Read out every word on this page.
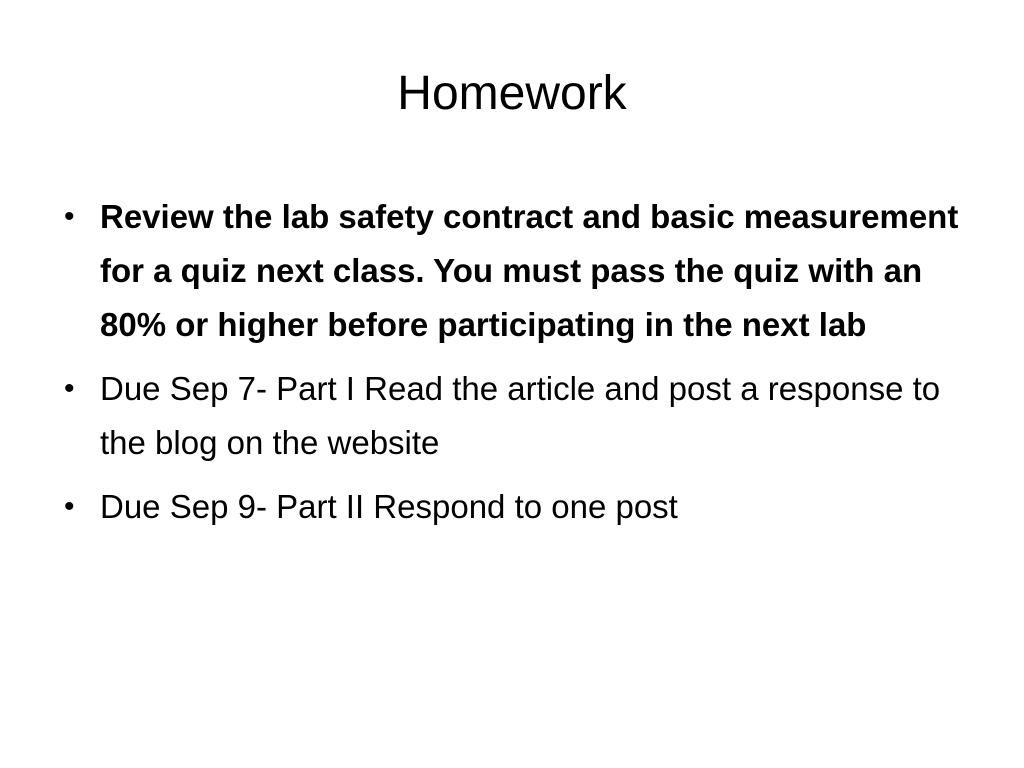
Homework
• Review the lab safety contract and basic measurement for a quiz next class. You must pass the quiz with an 80% or higher before participating in the next lab
• Due Sep 7- Part I Read the article and post a response to the blog on the website
• Due Sep 9- Part II Respond to one post
